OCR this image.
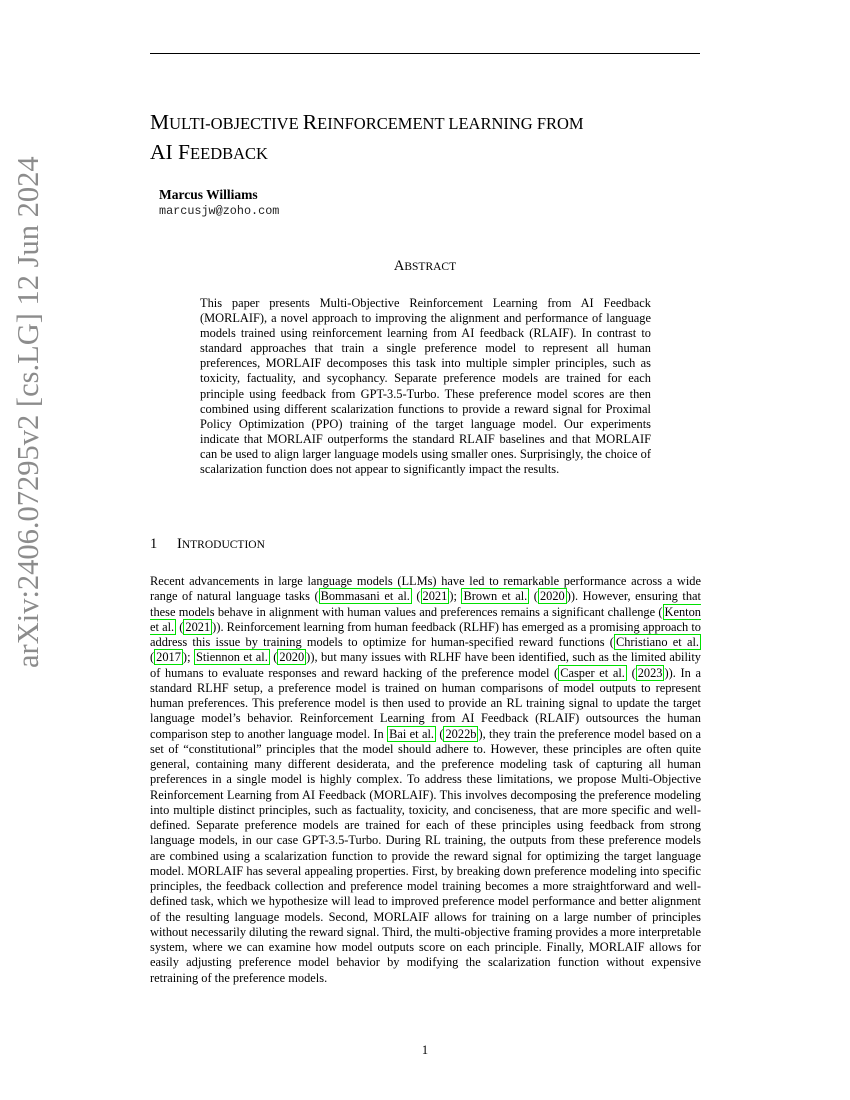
arXiv:2406.07295v2 [cs.LG] 12 Jun 2024
MULTI-OBJECTIVE REINFORCEMENT LEARNING FROM
AI FEEDBACK
Marcus Williams
marcusjw@zoho.com
ABSTRACT

This paper presents Multi-Objective Reinforcement Learning from AI Feedback (MORLAIF), a novel approach to improving the alignment and performance of language models trained using reinforcement learning from AI feedback (RLAIF). In contrast to standard approaches that train a single preference model to represent all human preferences, MORLAIF decomposes this task into multiple simpler principles, such as toxicity, factuality, and sycophancy. Separate preference models are trained for each principle using feedback from GPT-3.5-Turbo. These preference model scores are then combined using different scalarization functions to provide a reward signal for Proximal Policy Optimization (PPO) training of the target language model. Our experiments indicate that MORLAIF outperforms the standard RLAIF baselines and that MORLAIF can be used to align larger language models using smaller ones. Surprisingly, the choice of scalarization function does not appear to significantly impact the results.

1 INTRODUCTION

Recent advancements in large language models (LLMs) have led to remarkable performance across a wide range of natural language tasks ( Bommasani et al. ( 2021 ); Brown et al. ( 2020 )). However, ensuring that these models behave in alignment with human values and preferences remains a significant challenge ( Kenton et al. ( 2021 )). Reinforcement learning from human feedback (RLHF) has emerged as a promising approach to address this issue by training models to optimize for human-specified reward functions ( Christiano et al. ( 2017 ); Stiennon et al. ( 2020 )), but many issues with RLHF have been identified, such as the limited ability of humans to evaluate responses and reward hacking of the preference model ( Casper et al. ( 2023 )). In a standard RLHF setup, a preference model is trained on human comparisons of model outputs to represent human preferences. This preference model is then used to provide an RL training signal to update the target language model’s behavior. Reinforcement Learning from AI Feedback (RLAIF) outsources the human comparison step to another language model. In Bai et al. ( 2022b ), they train the preference model based on a set of “constitutional” principles that the model should adhere to. However, these principles are often quite general, containing many different desiderata, and the preference modeling task of capturing all human preferences in a single model is highly complex. To address these limitations, we propose Multi-Objective Reinforcement Learning from AI Feedback (MORLAIF). This involves decomposing the preference modeling into multiple distinct principles, such as factuality, toxicity, and conciseness, that are more specific and well-defined. Separate preference models are trained for each of these principles using feedback from strong language models, in our case GPT-3.5-Turbo. During RL training, the outputs from these preference models are combined using a scalarization function to provide the reward signal for optimizing the target language model. MORLAIF has several appealing properties. First, by breaking down preference modeling into specific principles, the feedback collection and preference model training becomes a more straightforward and well-defined task, which we hypothesize will lead to improved preference model performance and better alignment of the resulting language models. Second, MORLAIF allows for training on a large number of principles without necessarily diluting the reward signal. Third, the multi-objective framing provides a more interpretable system, where we can examine how model outputs score on each principle. Finally, MORLAIF allows for easily adjusting preference model behavior by modifying the scalarization function without expensive retraining of the preference models.

1
